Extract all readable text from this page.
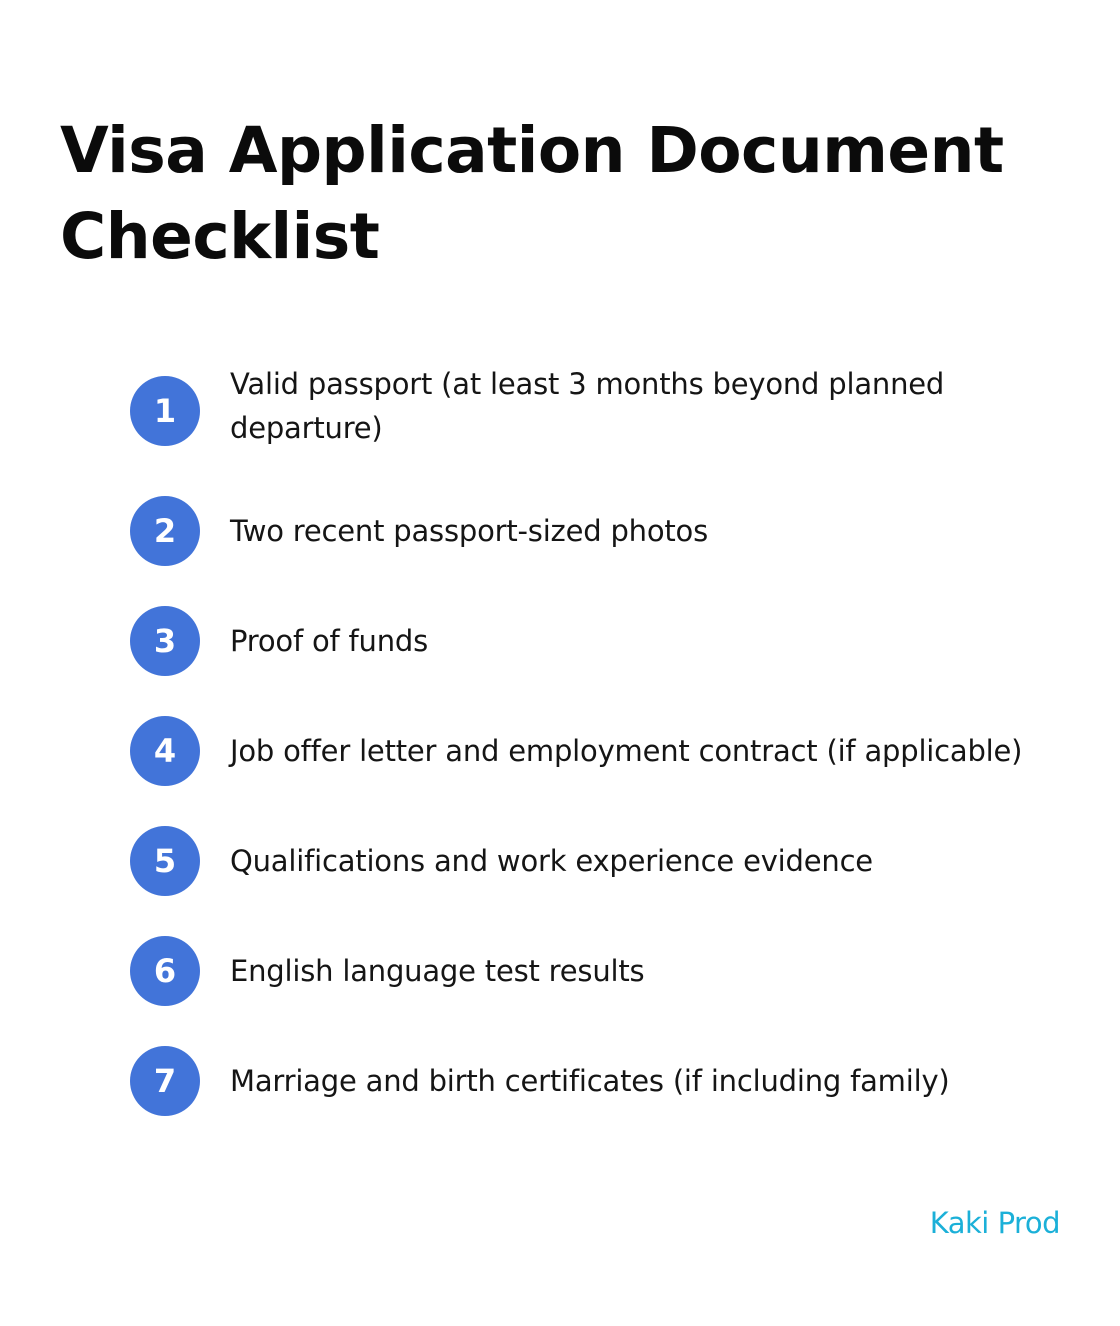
Visa Application Document Checklist
1
Valid passport (at least 3 months beyond planned departure)
2	Two recent passport-sized photos
3	Proof of funds
4	Job offer letter and employment contract (if applicable)
5	Qualifications and work experience evidence
6	English language test results
7	Marriage and birth certificates (if including family)
Kaki Prod
